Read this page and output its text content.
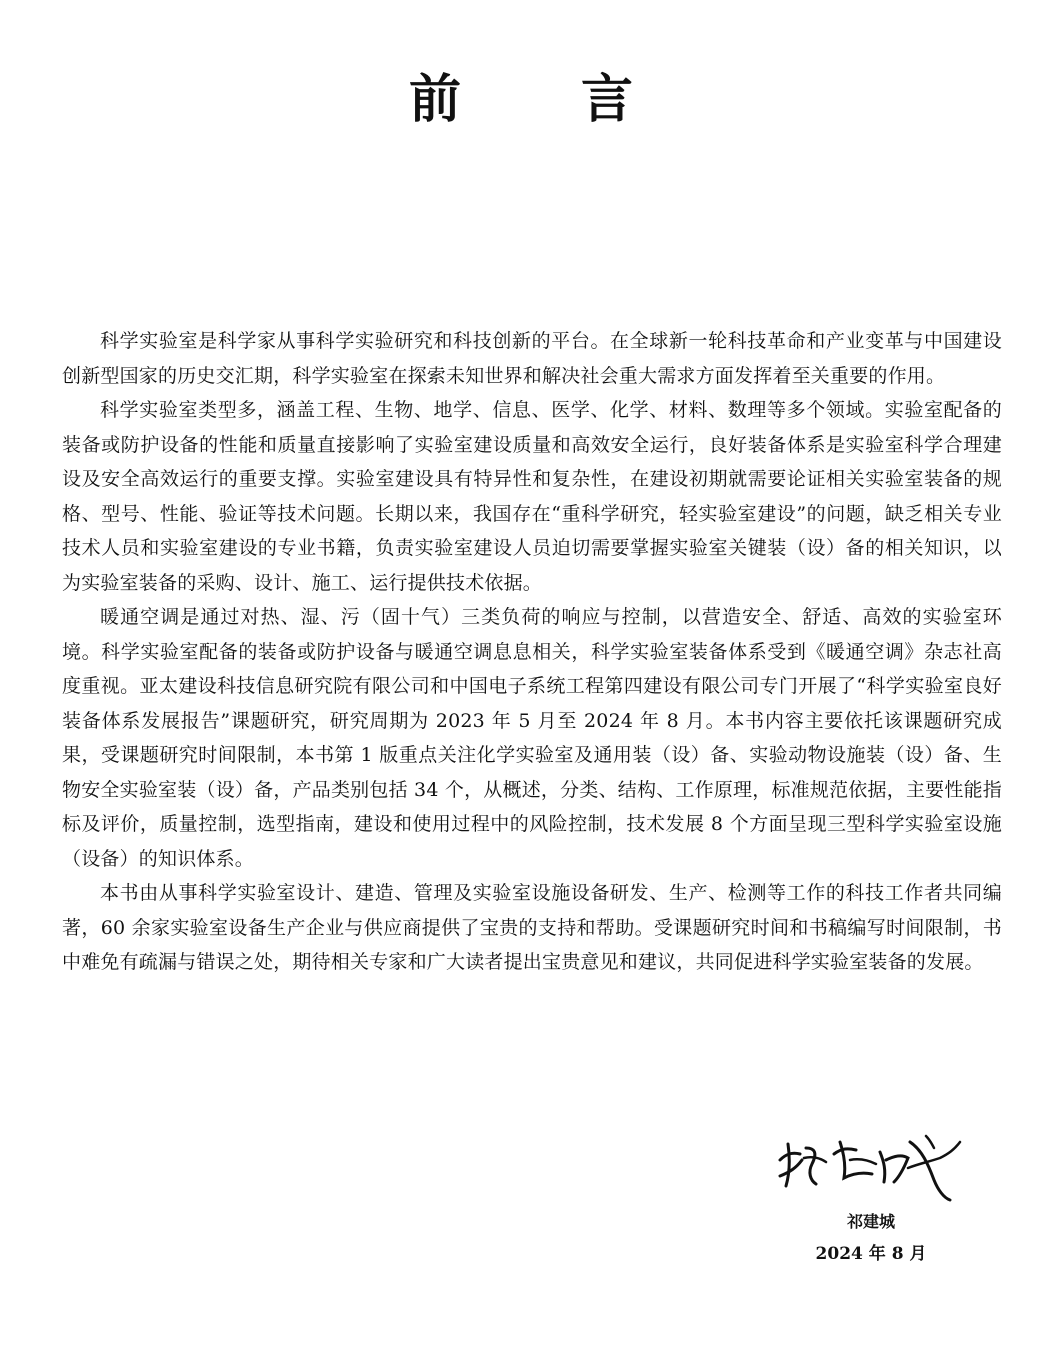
前言

科学实验室是科学家从事科学实验研究和科技创新的平台。在全球新一轮科技革命和产业变革与中国建设创新型国家的历史交汇期，科学实验室在探索未知世界和解决社会重大需求方面发挥着至关重要的作用。

科学实验室类型多，涵盖工程、生物、地学、信息、医学、化学、材料、数理等多个领域。实验室配备的装备或防护设备的性能和质量直接影响了实验室建设质量和高效安全运行，良好装备体系是实验室科学合理建设及安全高效运行的重要支撑。实验室建设具有特异性和复杂性，在建设初期就需要论证相关实验室装备的规格、型号、性能、验证等技术问题。长期以来，我国存在“重科学研究，轻实验室建设”的问题，缺乏相关专业技术人员和实验室建设的专业书籍，负责实验室建设人员迫切需要掌握实验室关键装（设）备的相关知识，以为实验室装备的采购、设计、施工、运行提供技术依据。

暖通空调是通过对热、湿、污（固十气）三类负荷的响应与控制，以营造安全、舒适、高效的实验室环境。科学实验室配备的装备或防护设备与暖通空调息息相关，科学实验室装备体系受到《暖通空调》杂志社高度重视。亚太建设科技信息研究院有限公司和中国电子系统工程第四建设有限公司专门开展了“科学实验室良好装备体系发展报告”课题研究，研究周期为 2023 年 5 月至 2024 年 8 月。本书内容主要依托该课题研究成果，受课题研究时间限制，本书第 1 版重点关注化学实验室及通用装（设）备、实验动物设施装（设）备、生物安全实验室装（设）备，产品类别包括 34 个，从概述，分类、结构、工作原理，标准规范依据，主要性能指标及评价，质量控制，选型指南，建设和使用过程中的风险控制，技术发展 8 个方面呈现三型科学实验室设施（设备）的知识体系。

本书由从事科学实验室设计、建造、管理及实验室设施设备研发、生产、检测等工作的科技工作者共同编著，60 余家实验室设备生产企业与供应商提供了宝贵的支持和帮助。受课题研究时间和书稿编写时间限制，书中难免有疏漏与错误之处，期待相关专家和广大读者提出宝贵意见和建议，共同促进科学实验室装备的发展。

祁建城
2024 年 8 月
